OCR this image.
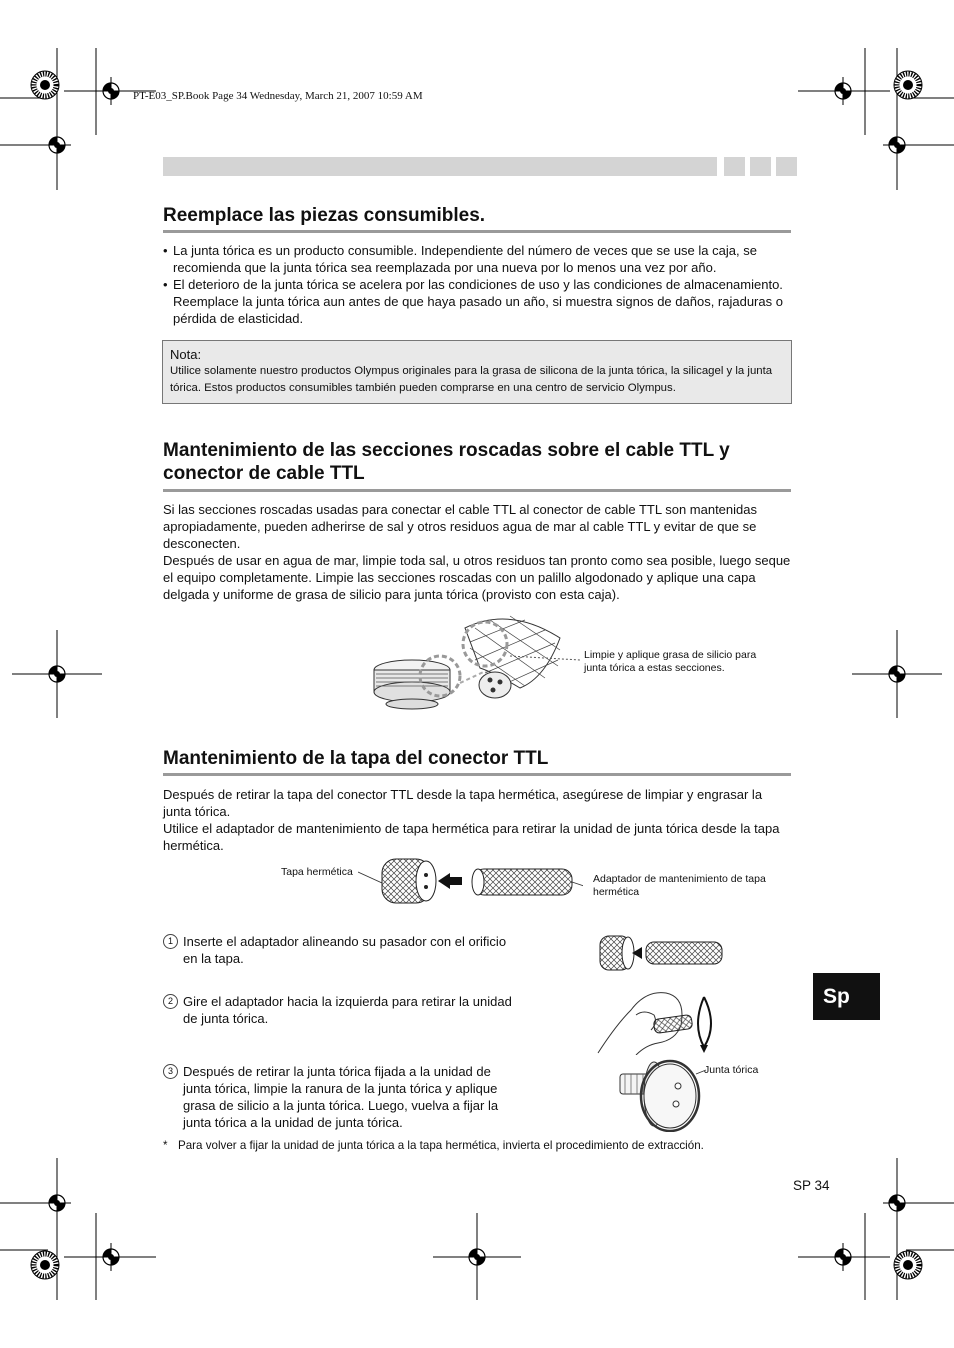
PT-E03_SP.Book Page 34 Wednesday, March 21, 2007 10:59 AM
Reemplace las piezas consumibles.
• La junta tórica es un producto consumible. Independiente del número de veces que se use la caja, se recomienda que la junta tórica sea reemplazada por una nueva por lo menos una vez por año.
• El deterioro de la junta tórica se acelera por las condiciones de uso y las condiciones de almacenamiento. Reemplace la junta tórica aun antes de que haya pasado un año, si muestra signos de daños, rajaduras o pérdida de elasticidad.
Nota:
Utilice solamente nuestro productos Olympus originales para la grasa de silicona de la junta tórica, la silicagel y la junta tórica. Estos productos consumibles también pueden comprarse en una centro de servicio Olympus.
Mantenimiento de las secciones roscadas sobre el cable TTL y
conector de cable TTL

Si las secciones roscadas usadas para conectar el cable TTL al conector de cable TTL son mantenidas apropiadamente, pueden adherirse de sal y otros residuos agua de mar al cable TTL y evitar de que se desconecten.

Después de usar en agua de mar, limpie toda sal, u otros residuos tan pronto como sea posible, luego seque el equipo completamente. Limpie las secciones roscadas con un palillo algodonado y aplique una capa delgada y uniforme de grasa de silicio para junta tórica (provisto con esta caja).

Limpie y aplique grasa de silicio para
junta tórica a estas secciones.
Mantenimiento de la tapa del conector TTL

Después de retirar la tapa del conector TTL desde la tapa hermética, asegúrese de limpiar y engrasar la junta tórica.

Utilice el adaptador de mantenimiento de tapa hermética para retirar la unidad de junta tórica desde la tapa hermética.

Tapa hermética
Adaptador de mantenimiento de tapa
hermética
1 Inserte el adaptador alineando su pasador con el orificio en la tapa.
2 Gire el adaptador hacia la izquierda para retirar la unidad de junta tórica.
3 Después de retirar la junta tórica fijada a la unidad de junta tórica, limpie la ranura de la junta tórica y aplique grasa de silicio a la junta tórica. Luego, vuelva a fijar la junta tórica a la unidad de junta tórica.
Junta tórica
* Para volver a fijar la unidad de junta tórica a la tapa hermética, invierta el procedimiento de extracción.
Sp
SP 34
